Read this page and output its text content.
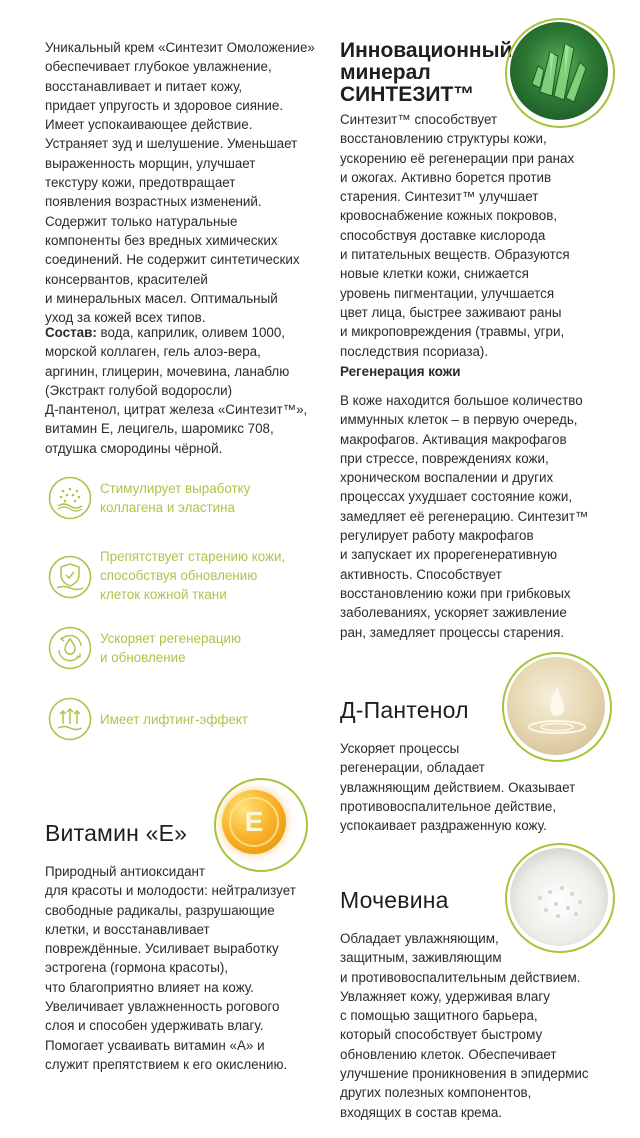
Уникальный крем «Синтезит Омоложение»
обеспечивает глубокое увлажнение,
восстанавливает и питает кожу,
придает упругость и здоровое сияние.
Имеет успокаивающее действие.
Устраняет зуд и шелушение. Уменьшает
выраженность морщин, улучшает
текстуру кожи, предотвращает
появления возрастных изменений.
Содержит только натуральные
компоненты без вредных химических
соединений. Не содержит синтетических
консервантов, красителей
и минеральных масел. Оптимальный
уход за кожей всех типов.
Состав: вода, каприлик, оливем 1000,
морской коллаген, гель алоэ-вера,
аргинин, глицерин, мочевина, ланаблю
(Экстракт голубой водоросли)
Д-пантенол, цитрат железа «Синтезит™»,
витамин Е, лецигель, шаромикс 708,
отдушка смородины чёрной.
Стимулирует выработку
коллагена и эластина
Препятствует старению кожи,
способствуя обновлению
клеток кожной ткани
Ускоряет регенерацию
и обновление
Имеет лифтинг-эффект
Витамин «Е»	E
Природный антиоксидант
для красоты и молодости: нейтрализует
свободные радикалы, разрушающие
клетки, и восстанавливает
повреждённые. Усиливает выработку
эстрогена (гормона красоты),
что благоприятно влияет на кожу.
Увеличивает увлажненность рогового
слоя и способен удерживать влагу.
Помогает усваивать витамин «А» и
служит препятствием к его окислению.
Инновационный
минерал
СИНТЕЗИТ™
Синтезит™ способствует
восстановлению структуры кожи,
ускорению её регенерации при ранах
и ожогах. Активно борется против
старения. Синтезит™ улучшает
кровоснабжение кожных покровов,
способствуя доставке кислорода
и питательных веществ. Образуются
новые клетки кожи, снижается
уровень пигментации, улучшается
цвет лица, быстрее заживают раны
и микроповреждения (травмы, угри,
последствия псориаза).
Регенерация кожи
В коже находится большое количество
иммунных клеток – в первую очередь,
макрофагов. Активация макрофагов
при стрессе, повреждениях кожи,
хроническом воспалении и других
процессах ухудшает состояние кожи,
замедляет её регенерацию. Синтезит™
регулирует работу макрофагов
и запускает их прорегенеративную
активность. Способствует
восстановлению кожи при грибковых
заболеваниях, ускоряет заживление
ран, замедляет процессы старения.
Д-Пантенол
Ускоряет процессы
регенерации, обладает
увлажняющим действием. Оказывает
противовоспалительное действие,
успокаивает раздраженную кожу.
Мочевина
Обладает увлажняющим,
защитным, заживляющим
и противовоспалительным действием.
Увлажняет кожу, удерживая влагу
с помощью защитного барьера,
который способствует быстрому
обновлению клеток. Обеспечивает
улучшение проникновения в эпидермис
других полезных компонентов,
входящих в состав крема.
